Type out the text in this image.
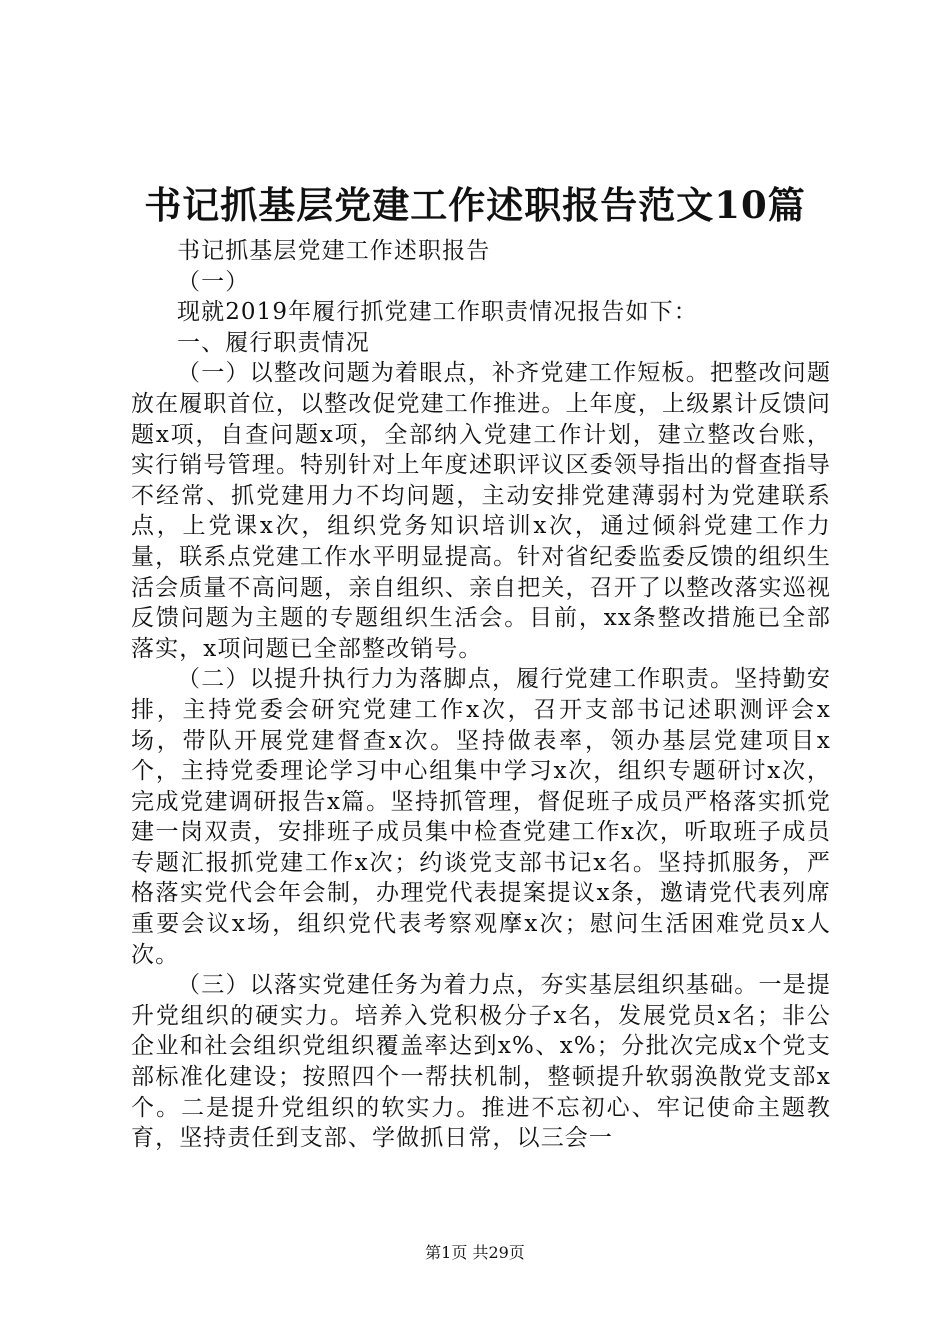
书记抓基层党建工作述职报告范文10篇

书记抓基层党建工作述职报告

（一）

现就2019年履行抓党建工作职责情况报告如下：

一、履行职责情况

（一）以整改问题为着眼点，补齐党建工作短板。把整改问题放在履职首位，以整改促党建工作推进。上年度，上级累计反馈问题x项，自查问题x项，全部纳入党建工作计划，建立整改台账，实行销号管理。特别针对上年度述职评议区委领导指出的督查指导不经常、抓党建用力不均问题，主动安排党建薄弱村为党建联系点，上党课x次，组织党务知识培训x次，通过倾斜党建工作力量，联系点党建工作水平明显提高。针对省纪委监委反馈的组织生活会质量不高问题，亲自组织、亲自把关，召开了以整改落实巡视反馈问题为主题的专题组织生活会。目前，xx条整改措施已全部落实，x项问题已全部整改销号。

（二）以提升执行力为落脚点，履行党建工作职责。坚持勤安排，主持党委会研究党建工作x次，召开支部书记述职测评会x场，带队开展党建督查x次。坚持做表率，领办基层党建项目x个，主持党委理论学习中心组集中学习x次，组织专题研讨x次，完成党建调研报告x篇。坚持抓管理，督促班子成员严格落实抓党建一岗双责，安排班子成员集中检查党建工作x次，听取班子成员专题汇报抓党建工作x次；约谈党支部书记x名。坚持抓服务，严格落实党代会年会制，办理党代表提案提议x条，邀请党代表列席重要会议x场，组织党代表考察观摩x次；慰问生活困难党员x人次。

（三）以落实党建任务为着力点，夯实基层组织基础。一是提升党组织的硬实力。培养入党积极分子x名，发展党员x名；非公企业和社会组织党组织覆盖率达到x%、x%；分批次完成x个党支部标准化建设；按照四个一帮扶机制，整顿提升软弱涣散党支部x个。二是提升党组织的软实力。推进不忘初心、牢记使命主题教育，坚持责任到支部、学做抓日常，以三会一

第1页 共29页
